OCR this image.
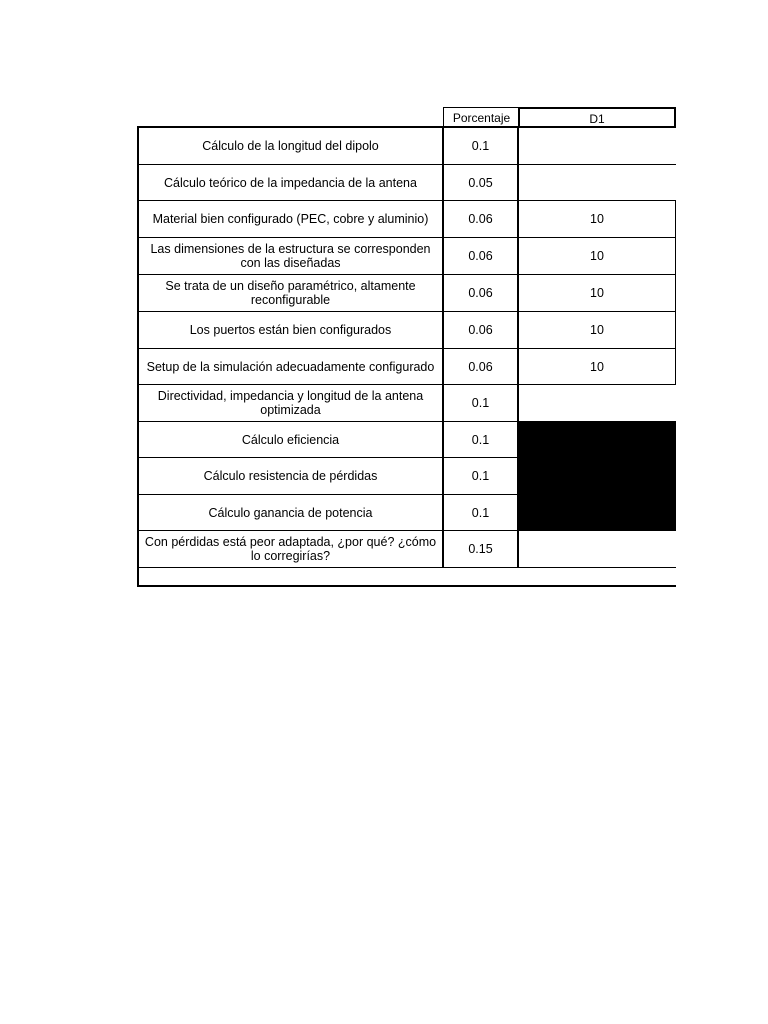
Porcentaje	D1
Cálculo de la longitud del dipolo	0.1
Cálculo teórico de la impedancia de la antena	0.05
Material bien configurado (PEC, cobre y aluminio)	0.06	10
Las dimensiones de la estructura se corresponden con las diseñadas	0.06	10
Se trata de un diseño paramétrico, altamente reconfigurable	0.06	10
Los puertos están bien configurados	0.06	10
Setup de la simulación adecuadamente configurado	0.06	10
Directividad, impedancia y longitud de la antena optimizada	0.1
Cálculo eficiencia	0.1
Cálculo resistencia de pérdidas	0.1
Cálculo ganancia de potencia	0.1
Con pérdidas está peor adaptada, ¿por qué? ¿cómo lo corregirías?	0.15
